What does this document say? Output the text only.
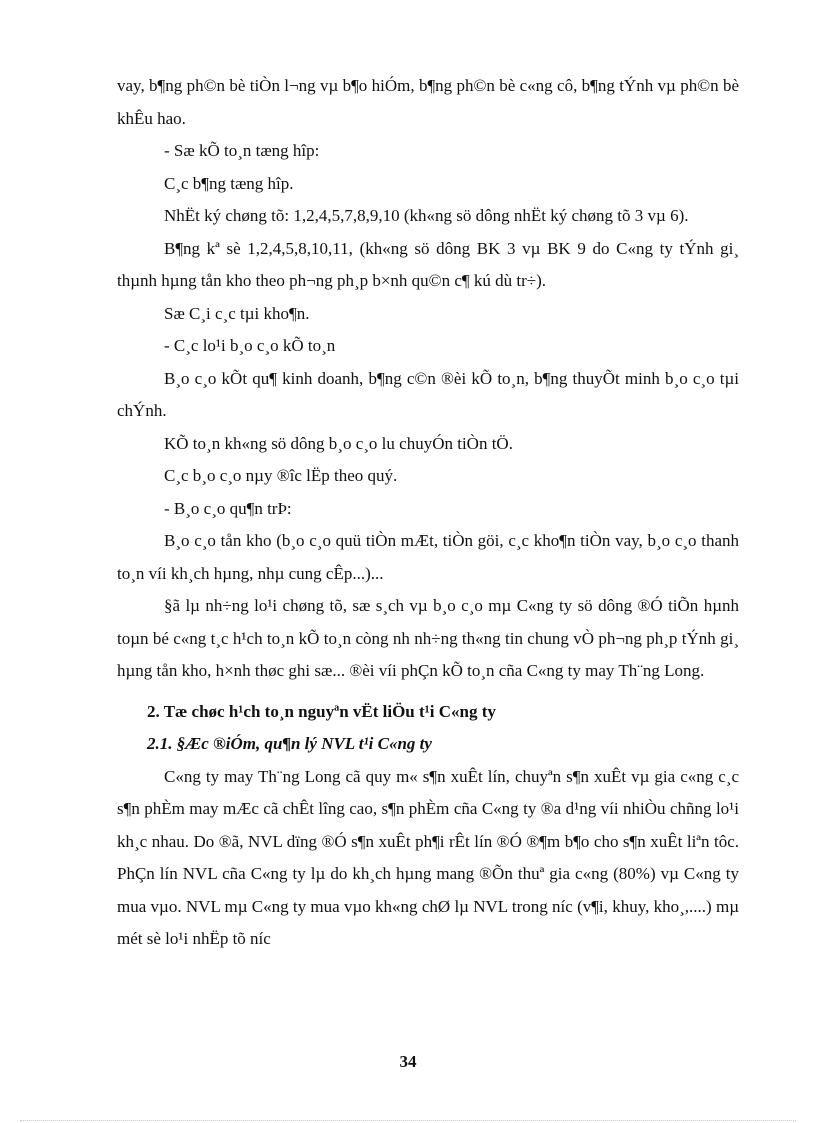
vay, b¶ng ph©n bè tiÒn l¬ng vµ b¶o hiÓm, b¶ng ph©n bè c«ng cô, b¶ng tÝnh vµ ph©n bè khÊu hao.

- Sæ kÕ to¸n tæng hîp:

C¸c b¶ng tæng hîp.

NhËt ký chøng tõ: 1,2,4,5,7,8,9,10 (kh«ng sö dông nhËt ký chøng tõ 3 vµ 6).

B¶ng kª sè 1,2,4,5,8,10,11, (kh«ng sö dông BK 3 vµ BK 9 do C«ng ty tÝnh gi¸ thµnh hµng tån kho theo ph¬ng ph¸p b×nh qu©n c¶ kú dù tr÷).

Sæ C¸i c¸c tµi kho¶n.

- C¸c lo¹i b¸o c¸o kÕ to¸n

B¸o c¸o kÕt qu¶ kinh doanh, b¶ng c©n ®èi kÕ to¸n, b¶ng thuyÕt minh b¸o c¸o tµi chÝnh.

KÕ to¸n kh«ng sö dông b¸o c¸o lu chuyÓn tiÒn tÖ.

C¸c b¸o c¸o nµy ®îc lËp theo quý.

- B¸o c¸o qu¶n trÞ:

B¸o c¸o tån kho (b¸o c¸o quü tiÒn mÆt, tiÒn göi, c¸c kho¶n tiÒn vay, b¸o c¸o thanh to¸n víi kh¸ch hµng, nhµ cung cÊp...)...

§ã lµ nh÷ng lo¹i chøng tõ, sæ s¸ch vµ b¸o c¸o mµ C«ng ty sö dông ®Ó tiÕn hµnh toµn bé c«ng t¸c h¹ch to¸n kÕ to¸n còng nh nh÷ng th«ng tin chung vÒ ph¬ng ph¸p tÝnh gi¸ hµng tån kho, h×nh thøc ghi sæ... ®èi víi phÇn kÕ to¸n cña C«ng ty may Th¨ng Long.

2. Tæ chøc h¹ch to¸n nguyªn vËt liÖu t¹i C«ng ty

2.1. §Æc ®iÓm, qu¶n lý NVL t¹i C«ng ty

C«ng ty may Th¨ng Long cã quy m« s¶n xuÊt lín, chuyªn s¶n xuÊt vµ gia c«ng c¸c s¶n phÈm may mÆc cã chÊt lîng cao, s¶n phÈm cña C«ng ty ®a d¹ng víi nhiÒu chñng lo¹i kh¸c nhau. Do ®ã, NVL dïng ®Ó s¶n xuÊt ph¶i rÊt lín ®Ó ®¶m b¶o cho s¶n xuÊt liªn tôc. PhÇn lín NVL cña C«ng ty lµ do kh¸ch hµng mang ®Õn thuª gia c«ng (80%) vµ C«ng ty mua vµo. NVL mµ C«ng ty mua vµo kh«ng chØ lµ NVL trong níc (v¶i, khuy, kho¸,....) mµ mét sè lo¹i nhËp tõ níc

34
